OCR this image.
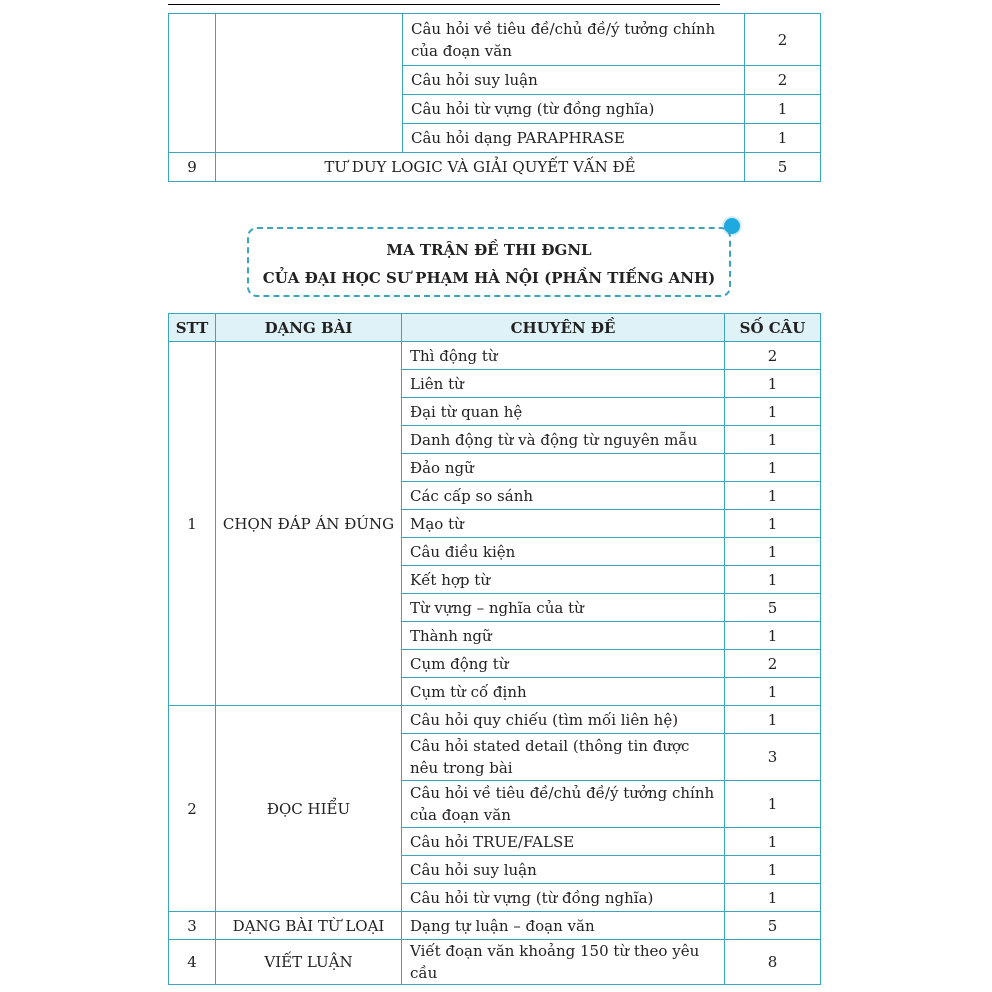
		Câu hỏi về tiêu đề/chủ đề/ý tưởng chính của đoạn văn	2
		Câu hỏi suy luận	2
		Câu hỏi từ vựng (từ đồng nghĩa)	1
		Câu hỏi dạng PARAPHRASE	1
9	TƯ DUY LOGIC VÀ GIẢI QUYẾT VẤN ĐỀ		5
MA TRẬN ĐỀ THI ĐGNL
CỦA ĐẠI HỌC SƯ PHẠM HÀ NỘI (PHẦN TIẾNG ANH)
STT	DẠNG BÀI	CHUYÊN ĐỀ	SỐ CÂU
1	CHỌN ĐÁP ÁN ĐÚNG	Thì động từ	2
		Liên từ	1
		Đại từ quan hệ	1
		Danh động từ và động từ nguyên mẫu	1
		Đảo ngữ	1
		Các cấp so sánh	1
		Mạo từ	1
		Câu điều kiện	1
		Kết hợp từ	1
		Từ vựng – nghĩa của từ	5
		Thành ngữ	1
		Cụm động từ	2
		Cụm từ cố định	1
2	ĐỌC HIỂU	Câu hỏi quy chiếu (tìm mối liên hệ)	1
		Câu hỏi stated detail (thông tin được nêu trong bài	3
		Câu hỏi về tiêu đề/chủ đề/ý tưởng chính của đoạn văn	1
		Câu hỏi TRUE/FALSE	1
		Câu hỏi suy luận	1
		Câu hỏi từ vựng (từ đồng nghĩa)	1
3	DẠNG BÀI TỪ LOẠI	Dạng tự luận – đoạn văn	5
4	VIẾT LUẬN	Viết đoạn văn khoảng 150 từ theo yêu cầu	8
